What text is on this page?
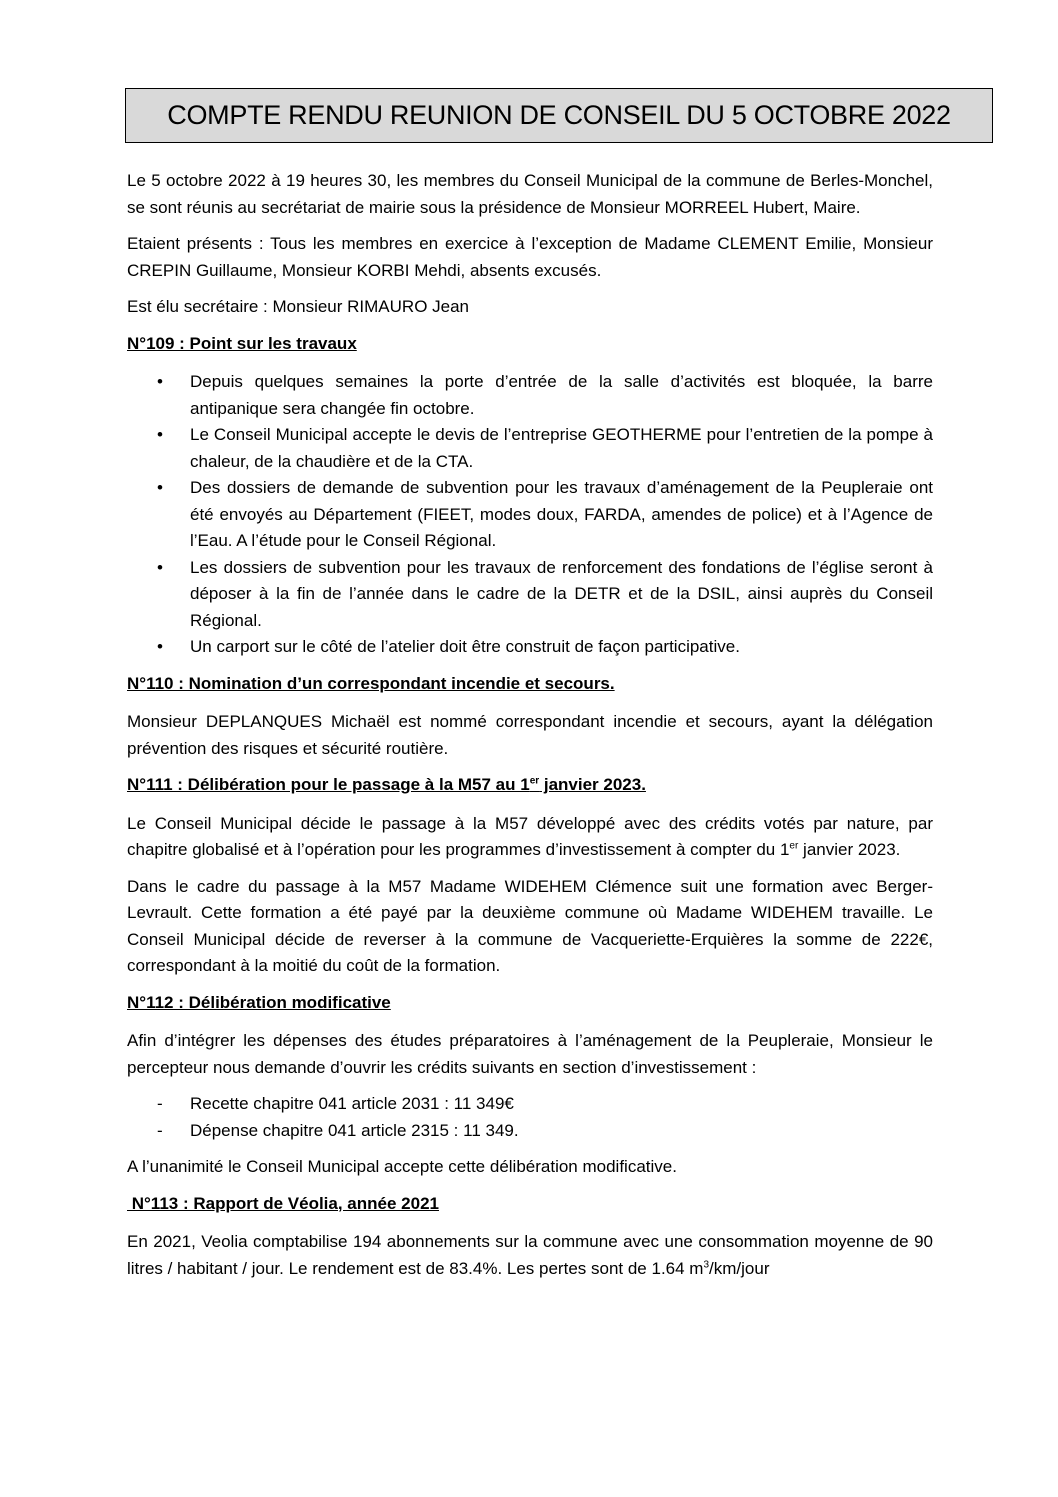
COMPTE RENDU REUNION DE CONSEIL DU 5 OCTOBRE 2022

Le 5 octobre 2022 à 19 heures 30, les membres du Conseil Municipal de la commune de Berles-Monchel, se sont réunis au secrétariat de mairie sous la présidence de Monsieur MORREEL Hubert, Maire.

Etaient présents : Tous les membres en exercice à l’exception de Madame CLEMENT Emilie, Monsieur CREPIN Guillaume, Monsieur KORBI Mehdi, absents excusés.

Est élu secrétaire : Monsieur RIMAURO Jean

N°109 : Point sur les travaux
• Depuis quelques semaines la porte d’entrée de la salle d’activités est bloquée, la barre antipanique sera changée fin octobre.
• Le Conseil Municipal accepte le devis de l’entreprise GEOTHERME pour l’entretien de la pompe à chaleur, de la chaudière et de la CTA.
• Des dossiers de demande de subvention pour les travaux d’aménagement de la Peupleraie ont été envoyés au Département (FIEET, modes doux, FARDA, amendes de police) et à l’Agence de l’Eau. A l’étude pour le Conseil Régional.
• Les dossiers de subvention pour les travaux de renforcement des fondations de l’église seront à déposer à la fin de l’année dans le cadre de la DETR et de la DSIL, ainsi auprès du Conseil Régional.
• Un carport sur le côté de l’atelier doit être construit de façon participative.
N°110 : Nomination d’un correspondant incendie et secours.

Monsieur DEPLANQUES Michaël est nommé correspondant incendie et secours, ayant la délégation prévention des risques et sécurité routière.

N°111 : Délibération pour le passage à la M57 au 1er janvier 2023.

Le Conseil Municipal décide le passage à la M57 développé avec des crédits votés par nature, par chapitre globalisé et à l’opération pour les programmes d’investissement à compter du 1er janvier 2023.

Dans le cadre du passage à la M57 Madame WIDEHEM Clémence suit une formation avec Berger-Levrault. Cette formation a été payé par la deuxième commune où Madame WIDEHEM travaille. Le Conseil Municipal décide de reverser à la commune de Vacqueriette-Erquières la somme de 222€, correspondant à la moitié du coût de la formation.

N°112 : Délibération modificative

Afin d’intégrer les dépenses des études préparatoires à l’aménagement de la Peupleraie, Monsieur le percepteur nous demande d’ouvrir les crédits suivants en section d’investissement :

- Recette chapitre 041 article 2031 : 11 349€
- Dépense chapitre 041 article 2315 : 11 349.

A l’unanimité le Conseil Municipal accepte cette délibération modificative.

N°113 : Rapport de Véolia, année 2021

En 2021, Veolia comptabilise 194 abonnements sur la commune avec une consommation moyenne de 90 litres / habitant / jour. Le rendement est de 83.4%. Les pertes sont de 1.64 $m^3/km$/jour
